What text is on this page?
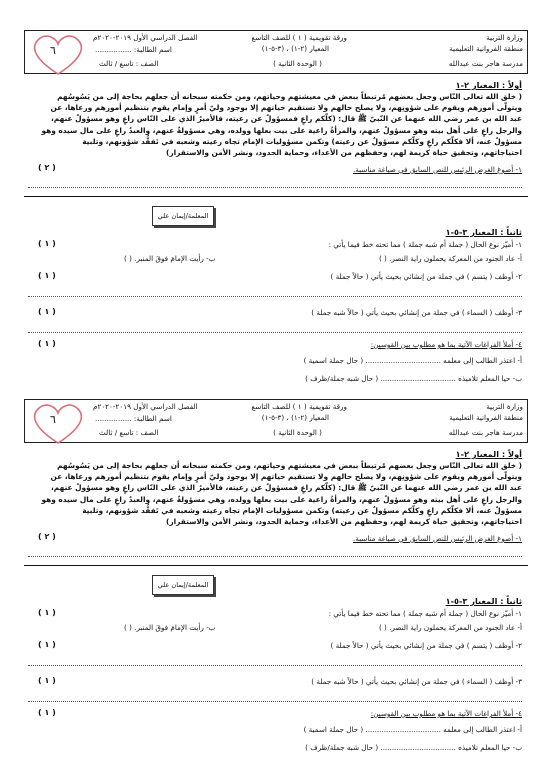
وزارة التربية
منطقة الفروانية التعليمية
مدرسة هاجر بنت عبدالله
ورقة تقويمية ( ١ ) للصف التاسع
المعيار (٢-١) ، (٣-٥-١)
( الوحدة الثانية )
الفصل الدراسي الأول ٢٠١٩-٢٠٢٠م
اسم الطالبة: ................
الصف : تاسع / ثالث
٦
أولاً : المعيار ٢-١
( خلق الله تعالى النّاس وجعل بعضهم مُرتبطاً ببعض في معيشتهم وحياتهم، ومن حكمته سبحانه أن جعلهم بحاجة إلى من يَسُوسُهم
ويتولّى أمورهم ويقوم على شؤونِهم، ولا يصلح حالهم ولا تستقيم حياتهم إلا بوجود وليّ أمرٍ وإمام يقوم بتنظيم أمورهم ورعاها، عن
عبد الله بن عمر رضي الله عنهما عن النّبيّ ﷺ قال: (كلّكم راعٍ فمسؤولٌ عن رعيته، فالأميرُ الذي على النّاس راعٍ وهو مسؤولٌ عنهم،
والرجل راعٍ على أهل بيته وهو مسؤولٌ عنهم، والمرأةُ راعية على بيت بعلها وولده، وهي مسؤولةٌ عنهم، والعبدُ راعٍ على مال سيده وهو
مسؤولٌ عنه، ألا فكلّكم راعٍ وكلّكم مسؤولٌ عن رعيته) وتكمن مسؤوليات الإمام تجاه رعيته وشعبه في تَفقُّد شؤونهم، وتلبية
احتياجاتهم، وتحقيق حياة كريمة لهم، وحفظهم من الأعداء، وحماية الحدود، ونشر الأمن والاستقرار)
١- أصوغ الغرض الرئيس للنص السابق في صياغة مناسبة.
( ٢ )
المعلمة/إيمان علي
ثانياً : المعيار ٣-٥-١
١- أميّز نوع الحال ( جملة أم شبه جملة ) مما تحته خط فيما يأتي :
( ١ )
أ- عاد الجنود من المعركة يحملون راية النصر. ( )
ب- رأيت الإمامَ فوقَ المنبر. ( )
٢- أوظف ( يتسم ) في جملة من إنشائي بحيث يأتي ( حالاً جملة )
( ١ )
٣- أوظف ( السماء ) في جملة من إنشائي بحيث يأتي ( حالاً شبه جملة )
( ١ )
٤- أملأ الفراغات الآتية بما هو مطلوب بين القوسين:
( ١ )
أ- اعتذر الطالب إلى معلمه ................................. ( حال جملة اسمية )
ب- حيا المعلم تلاميذه ................................. ( حال شبه جملة/ظرف )
وزارة التربية
منطقة الفروانية التعليمية
مدرسة هاجر بنت عبدالله
ورقة تقويمية ( ١ ) للصف التاسع
المعيار (٢-١) ، (٣-٥-١)
( الوحدة الثانية )
الفصل الدراسي الأول ٢٠١٩-٢٠٢٠م
اسم الطالبة: ................
الصف : تاسع / ثالث
٦
أولاً : المعيار ٢-١
( خلق الله تعالى النّاس وجعل بعضهم مُرتبطاً ببعض في معيشتهم وحياتهم، ومن حكمته سبحانه أن جعلهم بحاجة إلى من يَسُوسُهم
ويتولّى أمورهم ويقوم على شؤونِهم، ولا يصلح حالهم ولا تستقيم حياتهم إلا بوجود وليّ أمرٍ وإمام يقوم بتنظيم أمورهم ورعاها، عن
عبد الله بن عمر رضي الله عنهما عن النّبيّ ﷺ قال: (كلّكم راعٍ فمسؤولٌ عن رعيته، فالأميرُ الذي على النّاس راعٍ وهو مسؤولٌ عنهم،
والرجل راعٍ على أهل بيته وهو مسؤولٌ عنهم، والمرأةُ راعية على بيت بعلها وولده، وهي مسؤولةٌ عنهم، والعبدُ راعٍ على مال سيده وهو
مسؤولٌ عنه، ألا فكلّكم راعٍ وكلّكم مسؤولٌ عن رعيته) وتكمن مسؤوليات الإمام تجاه رعيته وشعبه في تَفقُّد شؤونهم، وتلبية
احتياجاتهم، وتحقيق حياة كريمة لهم، وحفظهم من الأعداء، وحماية الحدود، ونشر الأمن والاستقرار)
١- أصوغ الغرض الرئيس للنص السابق في صياغة مناسبة.
( ٢ )
المعلمة/إيمان علي
ثانياً : المعيار ٣-٥-١
١- أميّز نوع الحال ( جملة أم شبه جملة ) مما تحته خط فيما يأتي :
( ١ )
أ- عاد الجنود من المعركة يحملون راية النصر. ( )
ب- رأيت الإمامَ فوقَ المنبر. ( )
٢- أوظف ( يتسم ) في جملة من إنشائي بحيث يأتي ( حالاً جملة )
( ١ )
٣- أوظف ( السماء ) في جملة من إنشائي بحيث يأتي ( حالاً شبه جملة )
( ١ )
٤- أملأ الفراغات الآتية بما هو مطلوب بين القوسين:
( ١ )
أ- اعتذر الطالب إلى معلمه ................................. ( حال جملة اسمية )
ب- حيا المعلم تلاميذه ................................. ( حال شبه جملة/ظرف )
